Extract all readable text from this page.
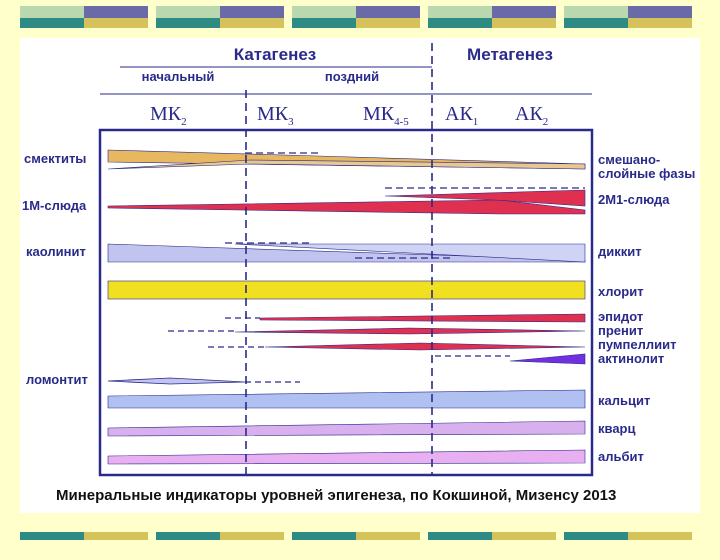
Катагенез	Метагенез
начальный	поздний
$МК_2$	$МК_3$	$МК_{4-5}$ $АК_1$ $АК_2$
смектиты
1М-слюда
каолинит
ломонтит
смешано-
слойные фазы
2М1-слюда
диккит
хлорит
эпидот
пренит
пумпеллиит
актинолит
кальцит
кварц
альбит
Минеральные индикаторы уровней эпигенеза, по Кокшиной, Мизенсу 2013
